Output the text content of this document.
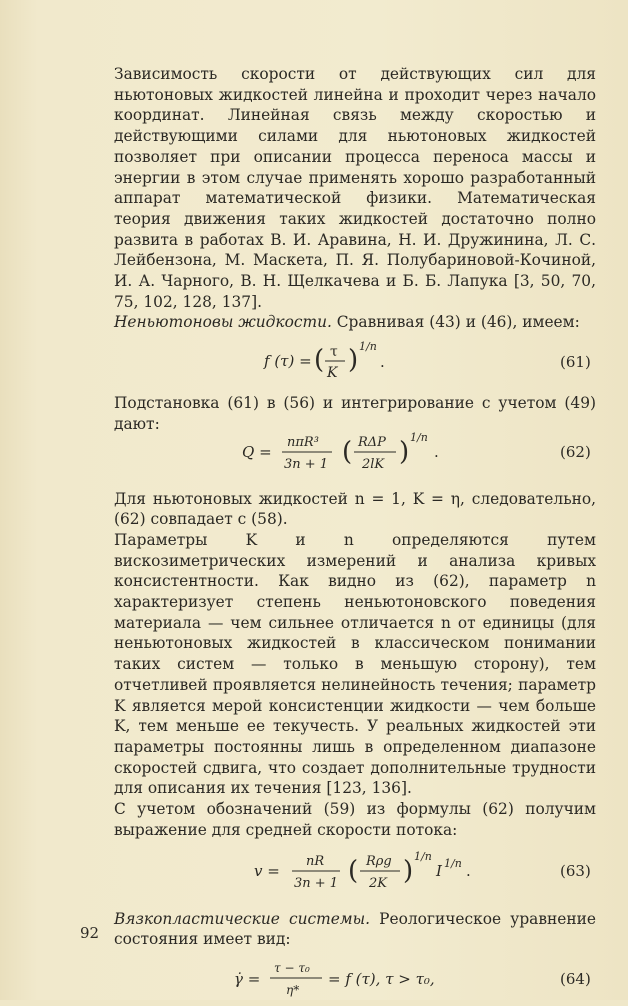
Зависимость скорости от действующих сил для ньютоновых жидкостей линейна и проходит через начало координат. Линейная связь между скоростью и действующими силами для ньютоновых жидкостей позволяет при описании процесса переноса массы и энергии в этом случае применять хорошо разработанный аппарат математической физики. Математическая теория движения таких жидкостей достаточно полно развита в работах В. И. Аравина, Н. И. Дружинина, Л. С. Лейбензона, М. Маскета, П. Я. Полубариновой-Кочиной, И. А. Чарного, В. Н. Щелкачева и Б. Б. Лапука [3, 50, 70, 75, 102, 128, 137].

Неньютоновы жидкости. Сравнивая (43) и (46), имеем:

f (τ) = ( τ
K ) 1/n
.	(61)

Подстановка (61) в (56) и интегрирование с учетом (49) дают:

Q =
nπR³
3n + 1 ( RΔP
2lK ) 1/n
.	(62)

Для ньютоновых жидкостей n = 1, K = η, следовательно, (62) совпадает с (58).

Параметры K и n определяются путем вискозиметрических измерений и анализа кривых консистентности. Как видно из (62), параметр n характеризует степень неньютоновского поведения материала — чем сильнее отличается n от единицы (для неньютоновых жидкостей в классическом понимании таких систем — только в меньшую сторону), тем отчетливей проявляется нелинейность течения; параметр K является мерой консистенции жидкости — чем больше K, тем меньше ее текучесть. У реальных жидкостей эти параметры постоянны лишь в определенном диапазоне скоростей сдвига, что создает дополнительные трудности для описания их течения [123, 136].

С учетом обозначений (59) из формулы (62) получим выражение для средней скорости потока:

v =
nR
3n + 1 ( Rρg
2K ) 1/n
I 1/n .	(63)

Вязкопластические системы. Реологическое уравнение состояния имеет вид:

γ̇ =
τ − τ₀
η*
= f (τ), τ > τ₀,	(64)
92
